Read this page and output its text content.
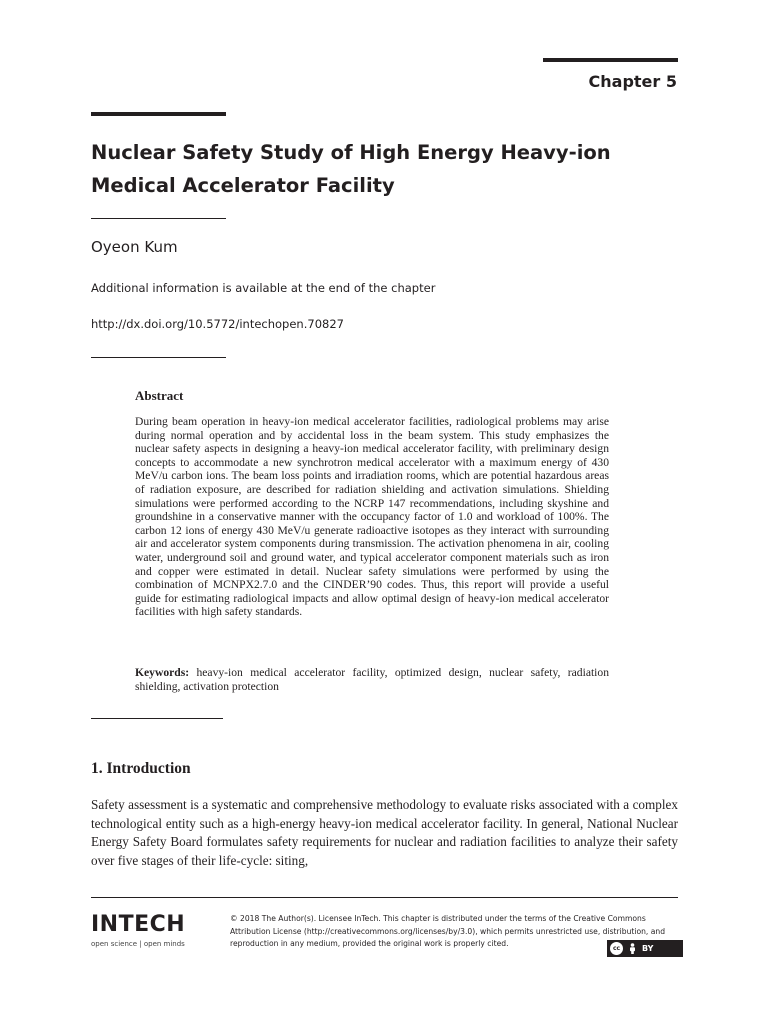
Chapter 5
Nuclear Safety Study of High Energy Heavy-ion Medical Accelerator Facility
Oyeon Kum
Additional information is available at the end of the chapter
http://dx.doi.org/10.5772/intechopen.70827
Abstract
During beam operation in heavy-ion medical accelerator facilities, radiological problems may arise during normal operation and by accidental loss in the beam system. This study emphasizes the nuclear safety aspects in designing a heavy-ion medical accelerator facility, with preliminary design concepts to accommodate a new synchrotron medical accelerator with a maximum energy of 430 MeV/u carbon ions. The beam loss points and irradiation rooms, which are potential hazardous areas of radiation exposure, are described for radiation shielding and activation simulations. Shielding simulations were performed according to the NCRP 147 recommendations, including skyshine and groundshine in a conservative manner with the occupancy factor of 1.0 and workload of 100%. The carbon 12 ions of energy 430 MeV/u generate radioactive isotopes as they interact with surrounding air and accelerator system components during transmission. The activation phenomena in air, cooling water, underground soil and ground water, and typical accelerator component materials such as iron and copper were estimated in detail. Nuclear safety simulations were performed by using the combination of MCNPX2.7.0 and the CINDER’90 codes. Thus, this report will provide a useful guide for estimating radiological impacts and allow optimal design of heavy-ion medical accelerator facilities with high safety standards.
Keywords: heavy-ion medical accelerator facility, optimized design, nuclear safety, radiation shielding, activation protection
1. Introduction
Safety assessment is a systematic and comprehensive methodology to evaluate risks associated with a complex technological entity such as a high-energy heavy-ion medical accelerator facility. In general, National Nuclear Energy Safety Board formulates safety requirements for nuclear and radiation facilities to analyze their safety over five stages of their life-cycle: siting,
INTECH
open science | open minds
© 2018 The Author(s). Licensee InTech. This chapter is distributed under the terms of the Creative Commons Attribution License (http://creativecommons.org/licenses/by/3.0), which permits unrestricted use, distribution, and reproduction in any medium, provided the original work is properly cited.
cc	BY
